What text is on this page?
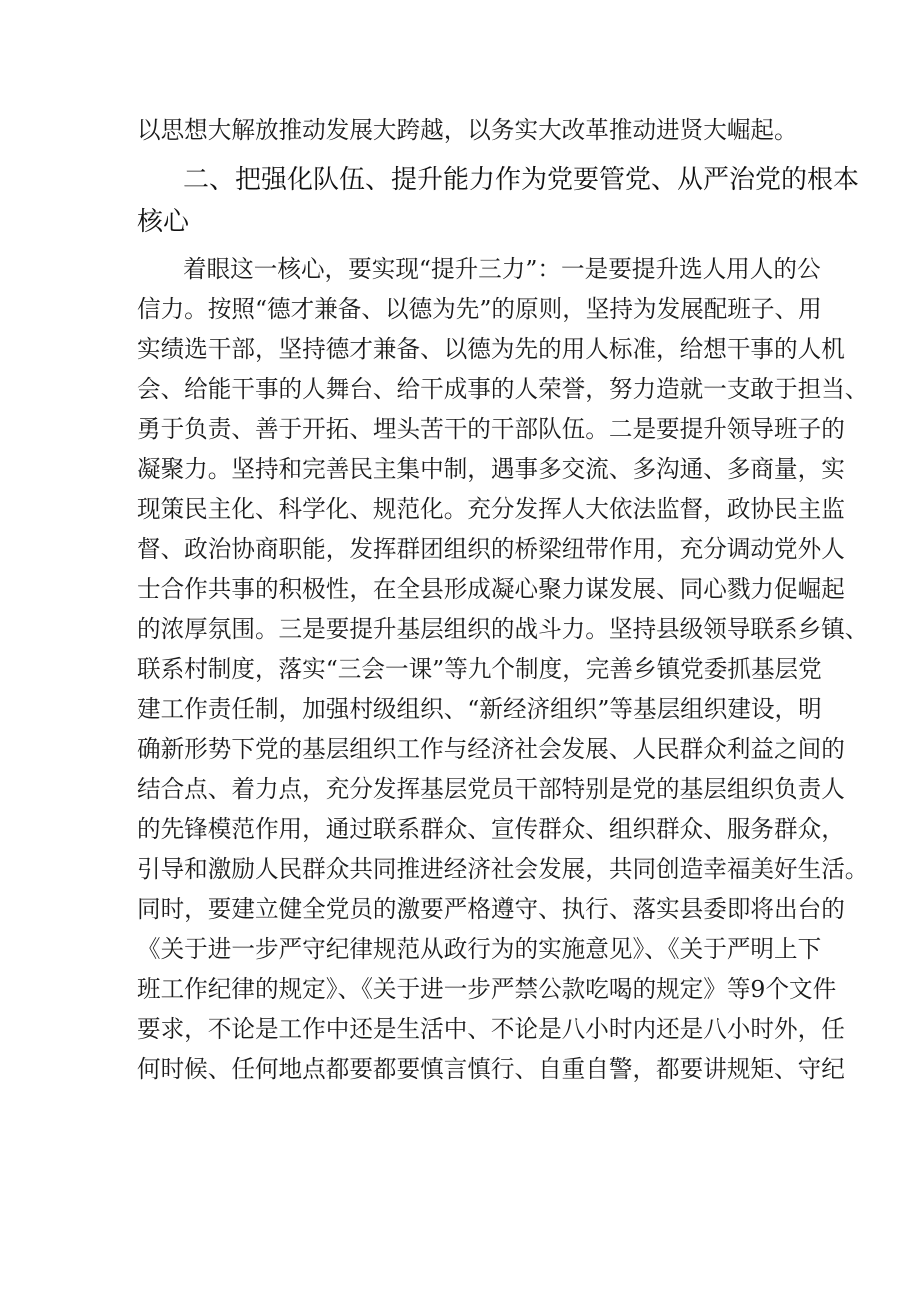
以思想大解放推动发展大跨越，以务实大改革推动进贤大崛起。
二、把强化队伍、提升能力作为党要管党、从严治党的根本
核心
着眼这一核心，要实现“提升三力”：一是要提升选人用人的公
信力。按照“德才兼备、以德为先”的原则，坚持为发展配班子、用
实绩选干部，坚持德才兼备、以德为先的用人标准，给想干事的人机
会、给能干事的人舞台、给干成事的人荣誉，努力造就一支敢于担当、
勇于负责、善于开拓、埋头苦干的干部队伍。二是要提升领导班子的
凝聚力。坚持和完善民主集中制，遇事多交流、多沟通、多商量，实
现策民主化、科学化、规范化。充分发挥人大依法监督，政协民主监
督、政治协商职能，发挥群团组织的桥梁纽带作用，充分调动党外人
士合作共事的积极性，在全县形成凝心聚力谋发展、同心戮力促崛起
的浓厚氛围。三是要提升基层组织的战斗力。坚持县级领导联系乡镇、
联系村制度，落实“三会一课”等九个制度，完善乡镇党委抓基层党
建工作责任制，加强村级组织、“新经济组织”等基层组织建设，明
确新形势下党的基层组织工作与经济社会发展、人民群众利益之间的
结合点、着力点，充分发挥基层党员干部特别是党的基层组织负责人
的先锋模范作用，通过联系群众、宣传群众、组织群众、服务群众，
引导和激励人民群众共同推进经济社会发展，共同创造幸福美好生活。
同时，要建立健全党员的激要严格遵守、执行、落实县委即将出台的
《关于进一步严守纪律规范从政行为的实施意见》、《关于严明上下
班工作纪律的规定》、《关于进一步严禁公款吃喝的规定》等9个文件
要求，不论是工作中还是生活中、不论是八小时内还是八小时外，任
何时候、任何地点都要都要慎言慎行、自重自警，都要讲规矩、守纪
